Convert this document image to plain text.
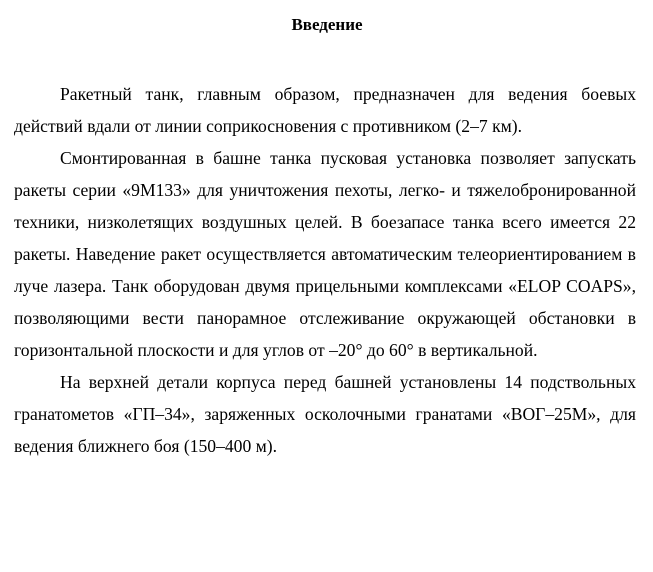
Введение

Ракетный танк, главным образом, предназначен для ведения боевых действий вдали от линии соприкосновения с противником (2–7 км).

Смонтированная в башне танка пусковая установка позволяет запускать ракеты серии «9М133» для уничтожения пехоты, легко- и тяжелобронированной техники, низколетящих воздушных целей. В боезапасе танка всего имеется 22 ракеты. Наведение ракет осуществляется автоматическим телеориентированием в луче лазера. Танк оборудован двумя прицельными комплексами «ELOP COAPS», позволяющими вести панорамное отслеживание окружающей обстановки в горизонтальной плоскости и для углов от –20° до 60° в вертикальной.

На верхней детали корпуса перед башней установлены 14 подствольных гранатометов «ГП–34», заряженных осколочными гранатами «ВОГ–25М», для ведения ближнего боя (150–400 м).
